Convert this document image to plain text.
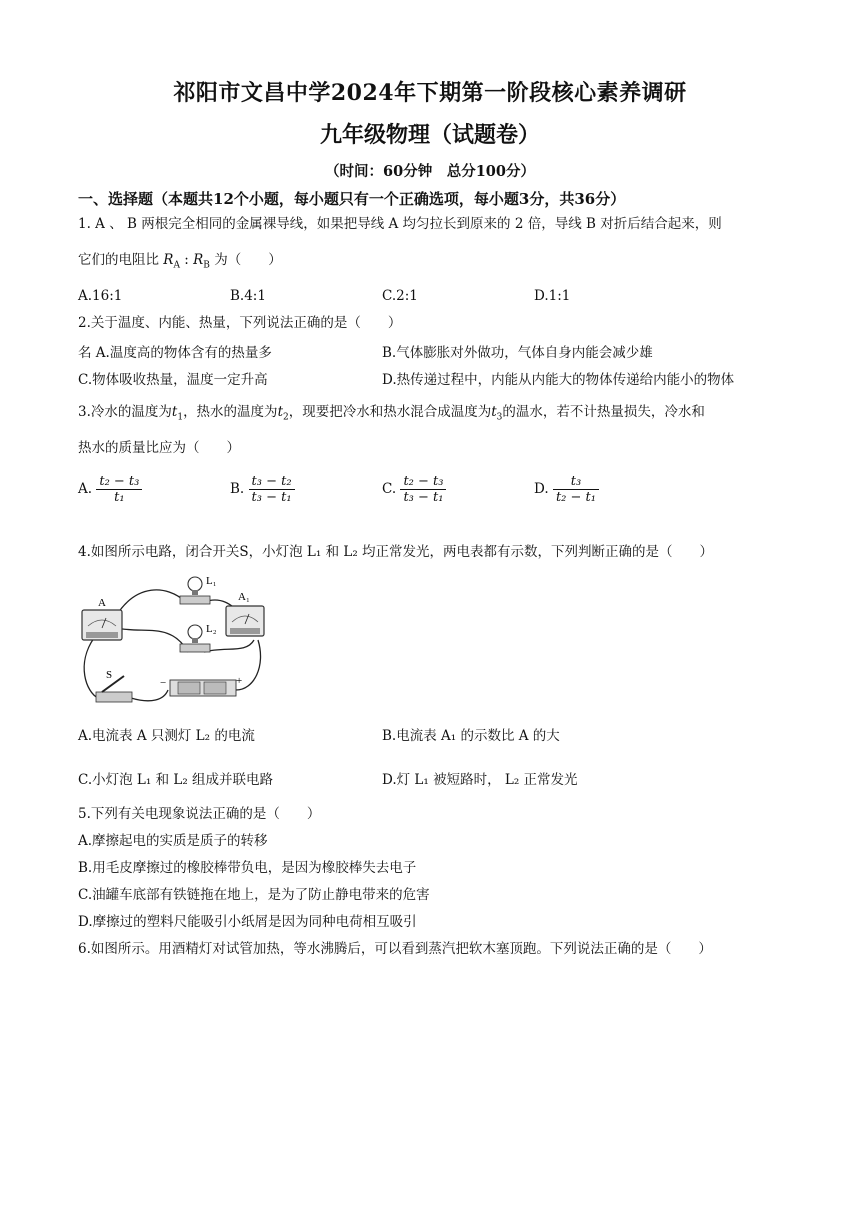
祁阳市文昌中学2024年下期第一阶段核心素养调研
九年级物理（试题卷）
（时间：60分钟　总分100分）
一、选择题（本题共12个小题，每小题只有一个正确选项，每小题3分，共36分）
1. A 、 B 两根完全相同的金属裸导线，如果把导线 A 均匀拉长到原来的 2 倍，导线 B 对折后结合起来，则
它们的电阻比 $R_A$ : $R_B$ 为（　　）
A.16:1	B.4:1	C.2:1	D.1:1
2.关于温度、内能、热量，下列说法正确的是（　　）
名 A.温度高的物体含有的热量多	B.气体膨胀对外做功，气体自身内能会减少雄
C.物体吸收热量，温度一定升高	D.热传递过程中，内能从内能大的物体传递给内能小的物体
3.冷水的温度为$t_1$，热水的温度为$t_2$，现要把冷水和热水混合成温度为$t_3$的温水，若不计热量损失，冷水和
热水的质量比应为（　　）
A. $\frac{\text{t₂ − t₃}}{\text{t₁}}$	B. $\frac{\text{t₃ − t₂}}{\text{t₃ − t₁}}$	C. $\frac{\text{t₂ − t₃}}{\text{t₃ − t₁}}$	D. $\frac{\text{t₃}}{\text{t₂ − t₁}}$
4.如图所示电路，闭合开关S，小灯泡 L₁ 和 L₂ 均正常发光，两电表都有示数，下列判断正确的是（　　）
A	A₁
L₁
L₂
S
−	+
A.电流表 A 只测灯 L₂ 的电流	B.电流表 A₁ 的示数比 A 的大
C.小灯泡 L₁ 和 L₂ 组成并联电路	D.灯 L₁ 被短路时， L₂ 正常发光
5.下列有关电现象说法正确的是（　　）
A.摩擦起电的实质是质子的转移
B.用毛皮摩擦过的橡胶棒带负电，是因为橡胶棒失去电子
C.油罐车底部有铁链拖在地上，是为了防止静电带来的危害
D.摩擦过的塑料尺能吸引小纸屑是因为同种电荷相互吸引
6.如图所示。用酒精灯对试管加热，等水沸腾后，可以看到蒸汽把软木塞顶跑。下列说法正确的是（　　）
